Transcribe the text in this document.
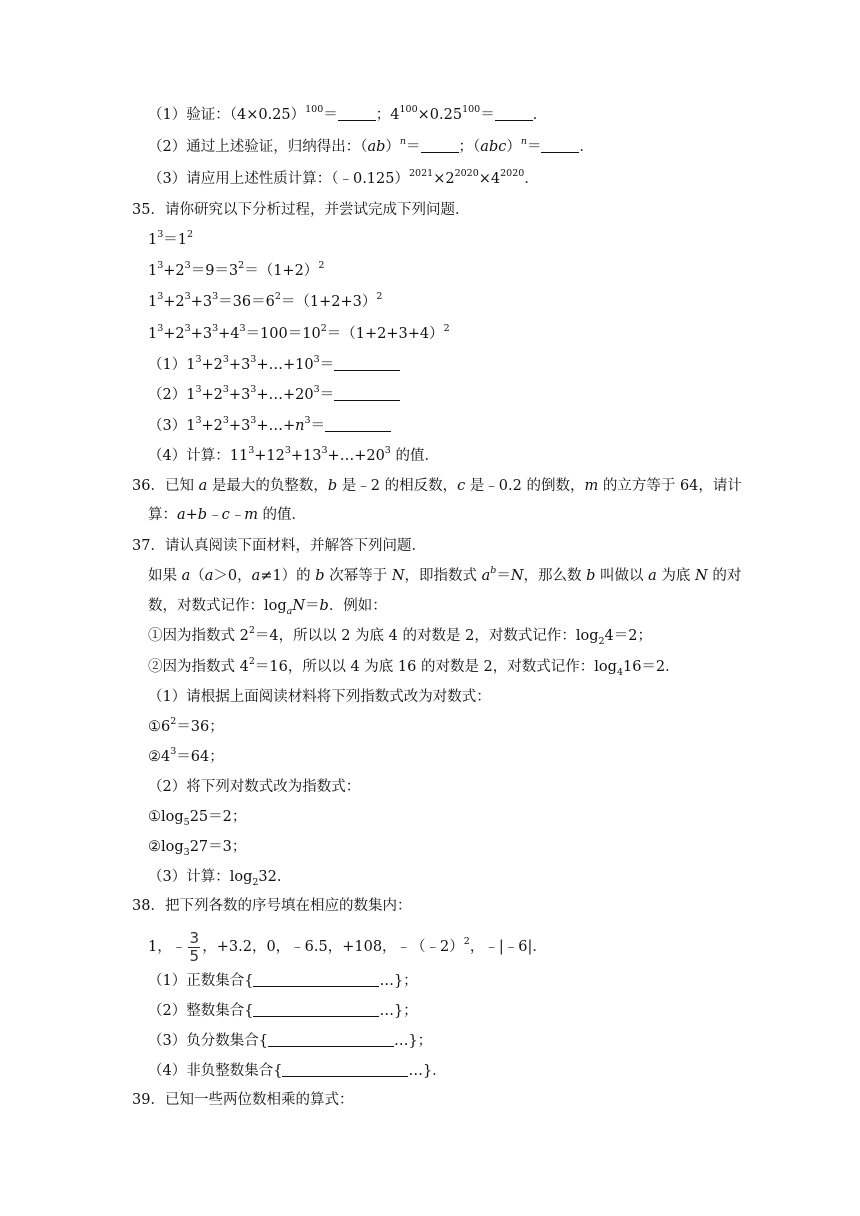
（1）验证：$(4\times 0.25)^{100}=$	；$4^{100}\times 0.25^{100}=$	．
（2）通过上述验证，归纳得出：（ab）$^n$＝	；（abc）$^n$＝	．
（3）请应用上述性质计算：$(﹣0.125)^{2021}\times 2^{2020}\times 4^{2020}$．
35．请你研究以下分析过程，并尝试完成下列问题．
$1^3=1^2$
$1^3+2^3=9=3^2=(1+2)^2$
$1^3+2^3+3^3=36=6^2=(1+2+3)^2$
$1^3+2^3+3^3+4^3=100=10^2=(1+2+3+4)^2$
$(1)1^3+2^3+3^3+\dots+10^3=$
$(2)1^3+2^3+3^3+\dots+20^3=$
$(3)1^3+2^3+3^3+\dots+n^3=$
（4）计算：$11^3+12^3+13^3+\dots+20^3$ 的值．
36．已知 a 是最大的负整数，b 是﹣2 的相反数，c 是﹣0.2 的倒数，m 的立方等于 64，请计
算：a+b﹣c﹣m 的值．
37．请认真阅读下面材料，并解答下列问题．
如果 a（a＞0，a≠1）的 b 次幂等于 N，即指数式 $a^b=N$，那么数 b 叫做以 a 为底 N 的对
数，对数式记作：$\log_aN=b$．例如：
①因为指数式 $2^2=4$，所以以 2 为底 4 的对数是 2，对数式记作：$\log_24=2$；
②因为指数式 $4^2=16$，所以以 4 为底 16 的对数是 2，对数式记作：$\log_416=2$．
（1）请根据上面阅读材料将下列指数式改为对数式：
$①6^2=36$；
$②4^3=64$；
（2）将下列对数式改为指数式：
$①\log_525=2$；
$②\log_327=3$；
（3）计算：$\log_232$．
38．把下列各数的序号填在相应的数集内：
1，﹣ $\frac{3}{5}$ ，+3.2，0，﹣6.5，+108，﹣（﹣2）$^2$，﹣|﹣6|．
（1）正数集合{	…}；
（2）整数集合{	…}；
（3）负分数集合{	…}；
（4）非负整数集合{	…}．
39．已知一些两位数相乘的算式：
